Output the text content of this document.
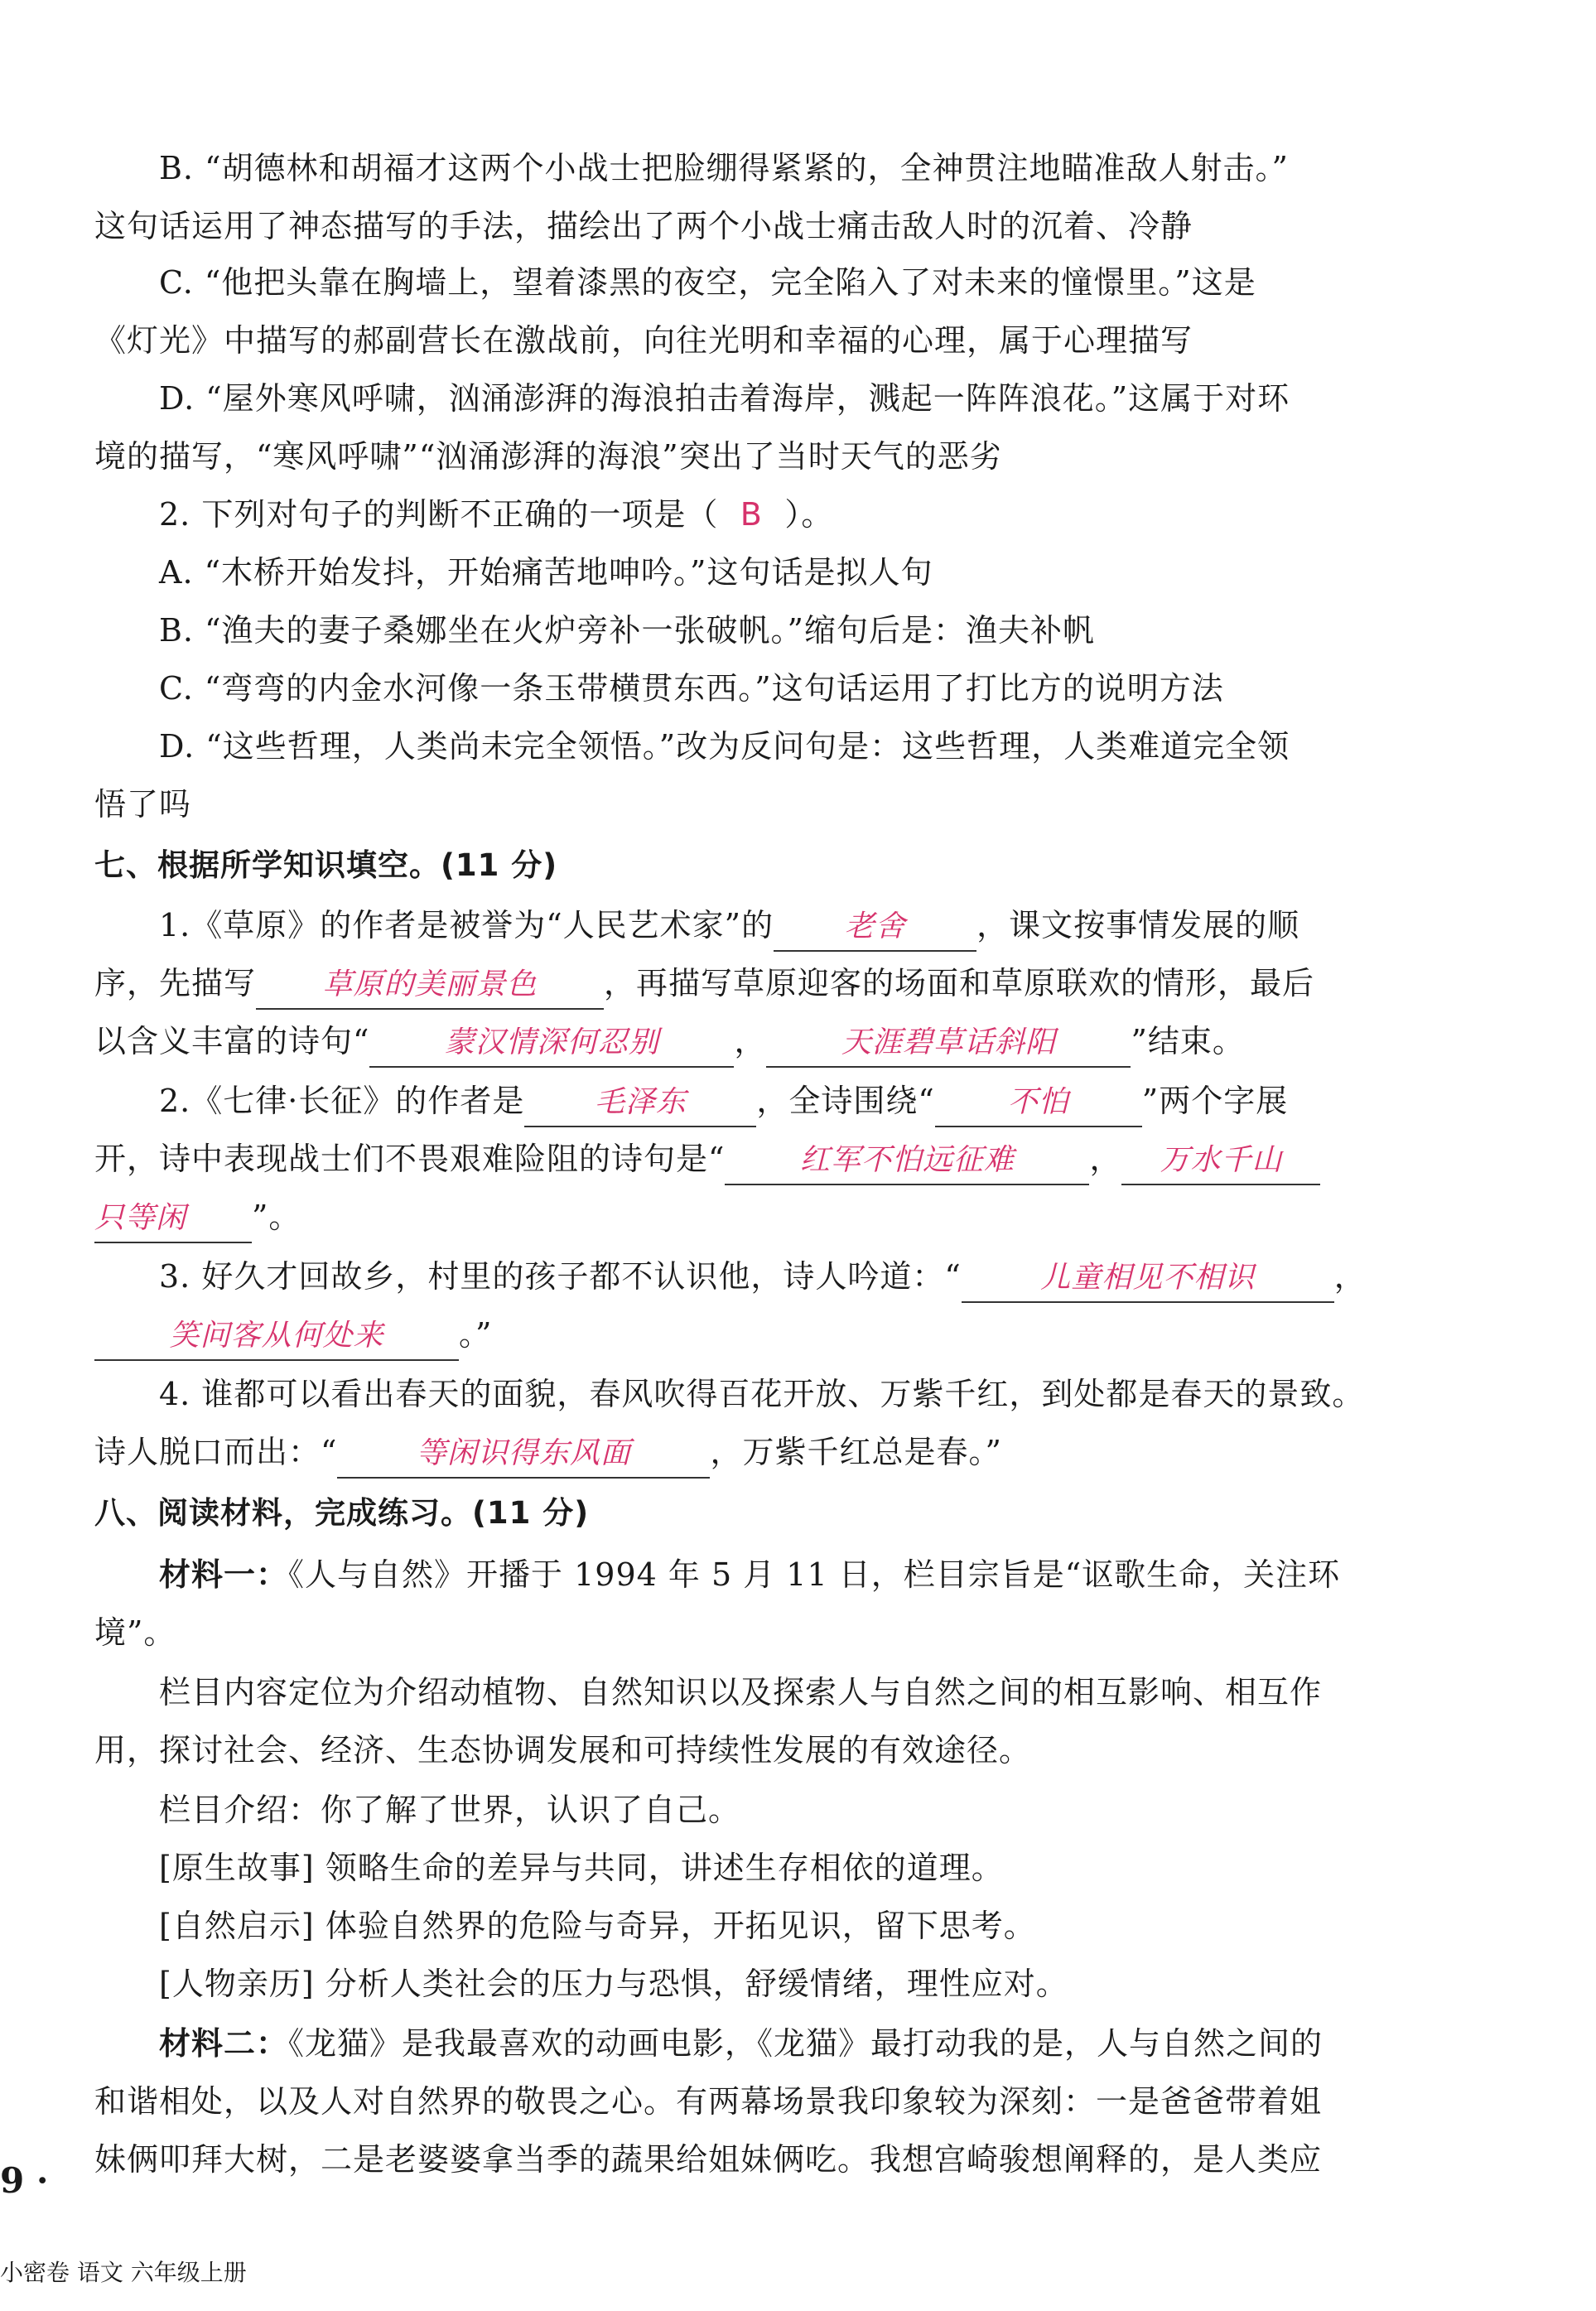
B. “胡德林和胡福才这两个小战士把脸绷得紧紧的，全神贯注地瞄准敌人射击。”
这句话运用了神态描写的手法，描绘出了两个小战士痛击敌人时的沉着、冷静
C. “他把头靠在胸墙上，望着漆黑的夜空，完全陷入了对未来的憧憬里。”这是
《灯光》中描写的郝副营长在激战前，向往光明和幸福的心理，属于心理描写
D. “屋外寒风呼啸，汹涌澎湃的海浪拍击着海岸，溅起一阵阵浪花。”这属于对环
境的描写，“寒风呼啸”“汹涌澎湃的海浪”突出了当时天气的恶劣
2. 下列对句子的判断不正确的一项是（ B ）。
A. “木桥开始发抖，开始痛苦地呻吟。”这句话是拟人句
B. “渔夫的妻子桑娜坐在火炉旁补一张破帆。”缩句后是：渔夫补帆
C. “弯弯的内金水河像一条玉带横贯东西。”这句话运用了打比方的说明方法
D. “这些哲理，人类尚未完全领悟。”改为反问句是：这些哲理，人类难道完全领
悟了吗
七、根据所学知识填空。(11 分)
1.《草原》的作者是被誉为“人民艺术家”的 老舍 ，课文按事情发展的顺
序，先描写 草原的美丽景色 ，再描写草原迎客的场面和草原联欢的情形，最后
以含义丰富的诗句“	蒙汉情深何忍别 ，	天涯碧草话斜阳 ”结束。
2.《七律·长征》的作者是 毛泽东 ，全诗围绕“ 不怕 ”两个字展
开，诗中表现战士们不畏艰难险阻的诗句是“	红军不怕远征难 ， 万水千山
只等闲 ”。
3. 好久才回故乡，村里的孩子都不认识他，诗人吟道：“	儿童相见不相识	，
笑问客从何处来 。”
4. 谁都可以看出春天的面貌，春风吹得百花开放、万紫千红，到处都是春天的景致。
诗人脱口而出：“	等闲识得东风面	，万紫千红总是春。”
八、阅读材料，完成练习。(11 分)
材料一：《人与自然》开播于 1994 年 5 月 11 日，栏目宗旨是“讴歌生命，关注环
境”。
栏目内容定位为介绍动植物、自然知识以及探索人与自然之间的相互影响、相互作
用，探讨社会、经济、生态协调发展和可持续性发展的有效途径。
栏目介绍：你了解了世界，认识了自己。
[原生故事] 领略生命的差异与共同，讲述生存相依的道理。
[自然启示] 体验自然界的危险与奇异，开拓见识，留下思考。
[人物亲历] 分析人类社会的压力与恐惧，舒缓情绪，理性应对。
材料二：《龙猫》是我最喜欢的动画电影，《龙猫》最打动我的是，人与自然之间的
和谐相处，以及人对自然界的敬畏之心。有两幕场景我印象较为深刻：一是爸爸带着姐
妹俩叩拜大树，二是老婆婆拿当季的蔬果给姐妹俩吃。我想宫崎骏想阐释的，是人类应
9 ·
小密卷 语文 六年级上册
